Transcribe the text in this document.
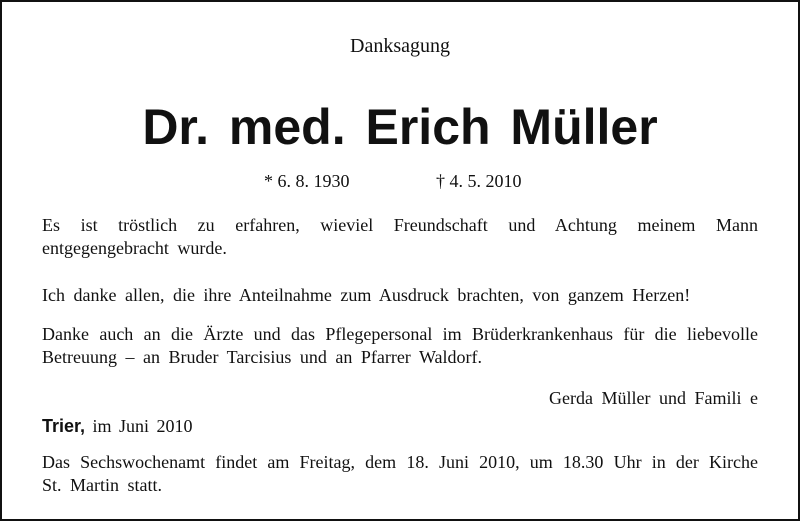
Danksagung
Dr. med. Erich Müller
* 6. 8. 1930	† 4. 5. 2010
Es ist tröstlich zu erfahren, wieviel Freundschaft und Achtung meinem Mann entgegengebracht wurde.
Ich danke allen, die ihre Anteilnahme zum Ausdruck brachten, von ganzem Herzen!
Danke auch an die Ärzte und das Pflegepersonal im Brüderkrankenhaus für die liebevolle Betreuung – an Bruder Tarcisius und an Pfarrer Waldorf.
Gerda Müller und Famili e
Trier, im Juni 2010
Das Sechswochenamt findet am Freitag, dem 18. Juni 2010, um 18.30 Uhr in der Kirche St. Martin statt.
